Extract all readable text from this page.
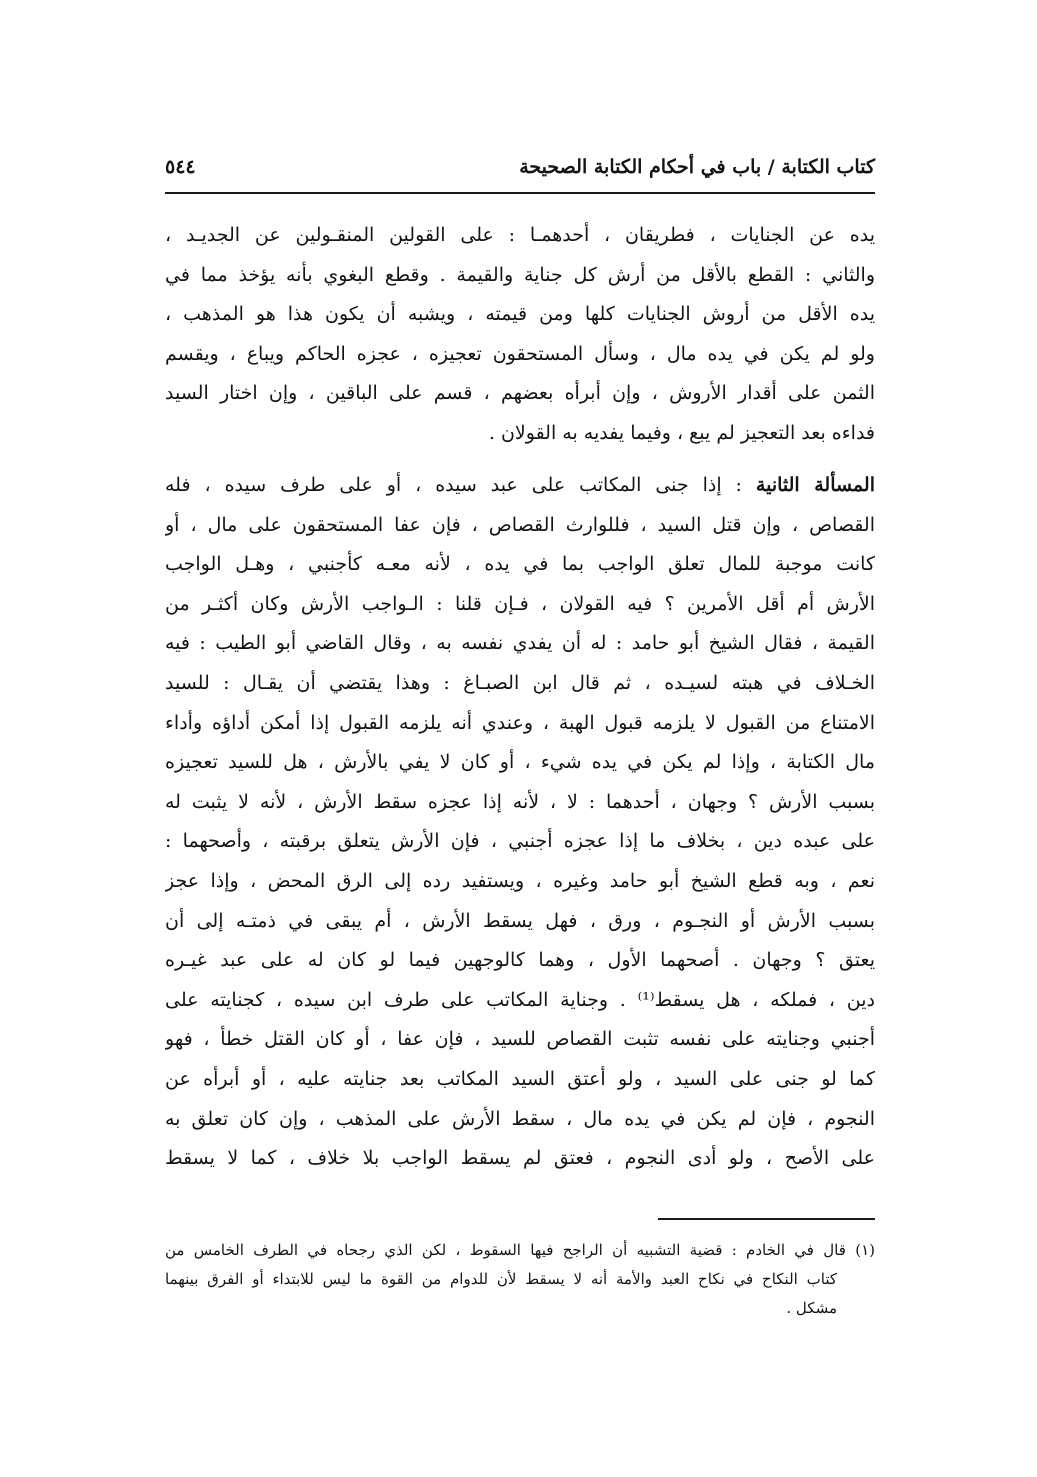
كتاب الكتابة / باب في أحكام الكتابة الصحيحة
٥٤٤
يده عن الجنايات ، فطريقان ، أحدهمـا : على القولين المنقـولين عن الجديـد ،
والثاني : القطع بالأقل من أرش كل جناية والقيمة . وقطع البغوي بأنه يؤخذ مما في
يده الأقل من أروش الجنايات كلها ومن قيمته ، ويشبه أن يكون هذا هو المذهب ،
ولو لم يكن في يده مال ، وسأل المستحقون تعجيزه ، عجزه الحاكم ويباع ، ويقسم
الثمن على أقدار الأروش ، وإن أبرأه بعضهم ، قسم على الباقين ، وإن اختار السيد
فداءه بعد التعجيز لم يبع ، وفيما يفديه به القولان .
المسألة الثانية : إذا جنى المكاتب على عبد سيده ، أو على طرف سيده ، فله
القصاص ، وإن قتل السيد ، فللوارث القصاص ، فإن عفا المستحقون على مال ، أو
كانت موجبة للمال تعلق الواجب بما في يده ، لأنه معـه كأجنبي ، وهـل الواجب
الأرش أم أقل الأمرين ؟ فيه القولان ، فـإن قلنا : الـواجب الأرش وكان أكثـر من
القيمة ، فقال الشيخ أبو حامد : له أن يفدي نفسه به ، وقال القاضي أبو الطيب : فيه
الخـلاف في هبته لسيـده ، ثم قال ابن الصبـاغ : وهذا يقتضي أن يقـال : للسيد
الامتناع من القبول لا يلزمه قبول الهبة ، وعندي أنه يلزمه القبول إذا أمكن أداؤه وأداء
مال الكتابة ، وإذا لم يكن في يده شيء ، أو كان لا يفي بالأرش ، هل للسيد تعجيزه
بسبب الأرش ؟ وجهان ، أحدهما : لا ، لأنه إذا عجزه سقط الأرش ، لأنه لا يثبت له
على عبده دين ، بخلاف ما إذا عجزه أجنبي ، فإن الأرش يتعلق برقبته ، وأصحهما :
نعم ، وبه قطع الشيخ أبو حامد وغيره ، ويستفيد رده إلى الرق المحض ، وإذا عجز
بسبب الأرش أو النجـوم ، ورق ، فهل يسقط الأرش ، أم يبقى في ذمتـه إلى أن
يعتق ؟ وجهان . أصحهما الأول ، وهما كالوجهين فيما لو كان له على عبد غيـره
دين ، فملكه ، هل يسقط⁽¹⁾ . وجناية المكاتب على طرف ابن سيده ، كجنايته على
أجنبي وجنايته على نفسه تثبت القصاص للسيد ، فإن عفا ، أو كان القتل خطأ ، فهو
كما لو جنى على السيد ، ولو أعتق السيد المكاتب بعد جنايته عليه ، أو أبرأه عن
النجوم ، فإن لم يكن في يده مال ، سقط الأرش على المذهب ، وإن كان تعلق به
على الأصح ، ولو أدى النجوم ، فعتق لم يسقط الواجب بلا خلاف ، كما لا يسقط
(١) قال في الخادم : قضية التشبيه أن الراجح فيها السقوط ، لكن الذي رجحاه في الطرف الخامس من
كتاب النكاح في نكاح العبد والأمة أنه لا يسقط لأن للدوام من القوة ما ليس للابتداء أو الفرق بينهما
مشكل .
